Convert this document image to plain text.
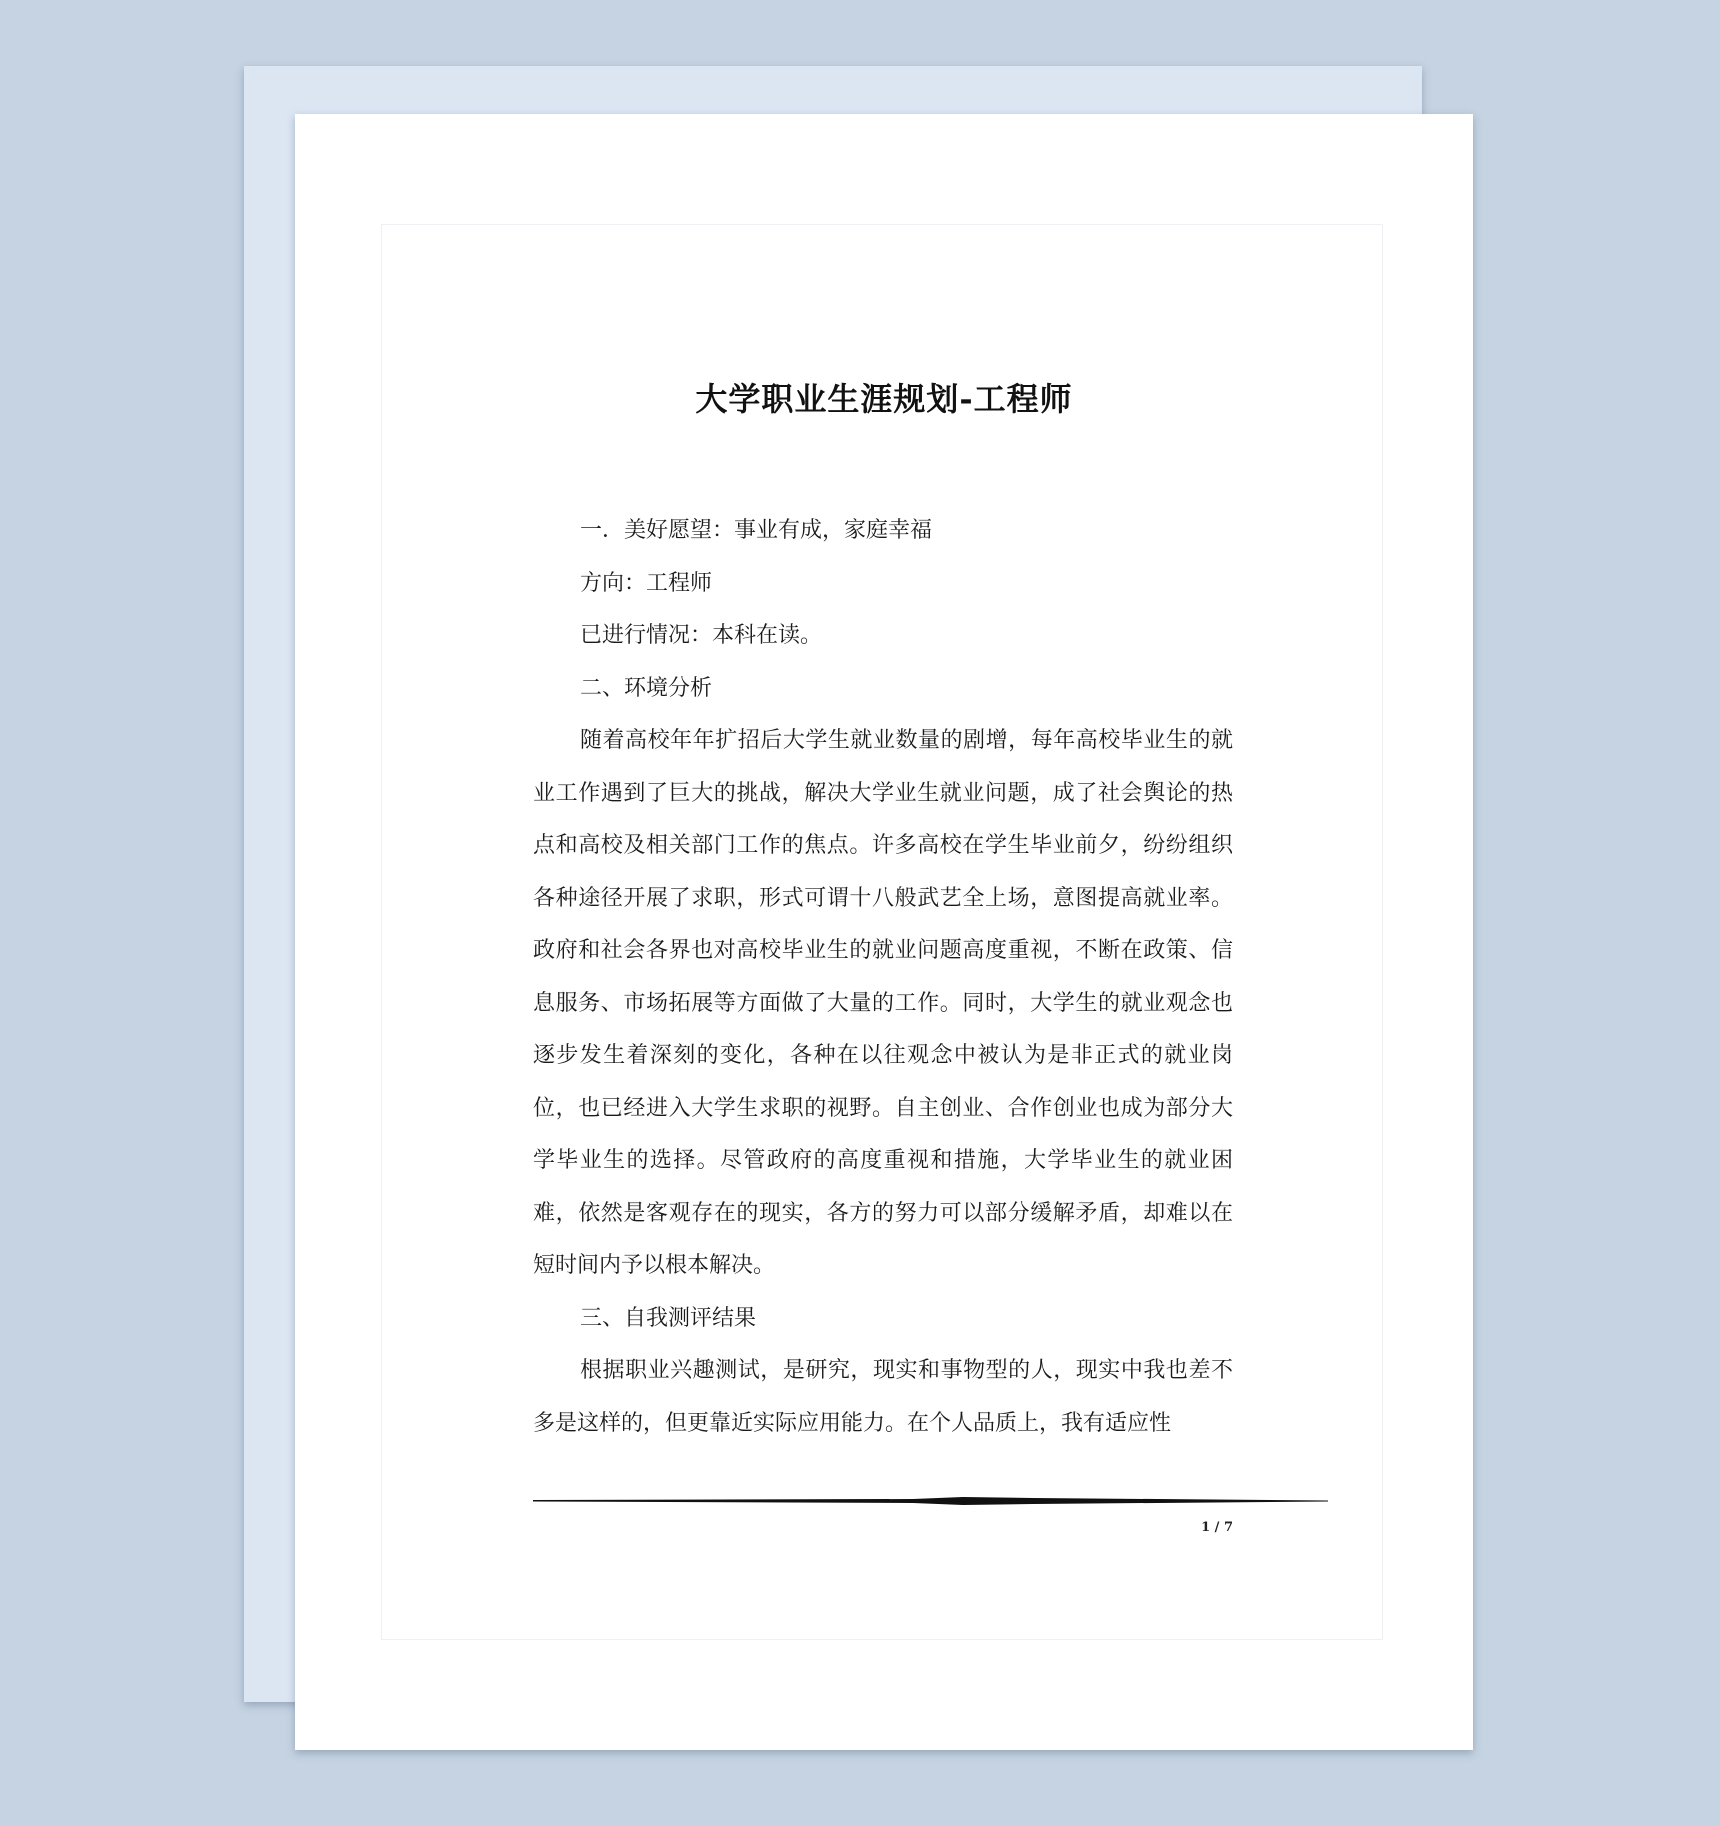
大学职业生涯规划-工程师

一．美好愿望：事业有成，家庭幸福

方向：工程师

已进行情况：本科在读。

二、环境分析

随着高校年年扩招后大学生就业数量的剧增，每年高校毕业生的就业工作遇到了巨大的挑战，解决大学业生就业问题，成了社会舆论的热点和高校及相关部门工作的焦点。许多高校在学生毕业前夕，纷纷组织各种途径开展了求职，形式可谓十八般武艺全上场，意图提高就业率。政府和社会各界也对高校毕业生的就业问题高度重视，不断在政策、信息服务、市场拓展等方面做了大量的工作。同时，大学生的就业观念也逐步发生着深刻的变化，各种在以往观念中被认为是非正式的就业岗位，也已经进入大学生求职的视野。自主创业、合作创业也成为部分大学毕业生的选择。尽管政府的高度重视和措施，大学毕业生的就业困难，依然是客观存在的现实，各方的努力可以部分缓解矛盾，却难以在短时间内予以根本解决。

三、自我测评结果

根据职业兴趣测试，是研究，现实和事物型的人，现实中我也差不多是这样的，但更靠近实际应用能力。在个人品质上，我有适应性

1 / 7
